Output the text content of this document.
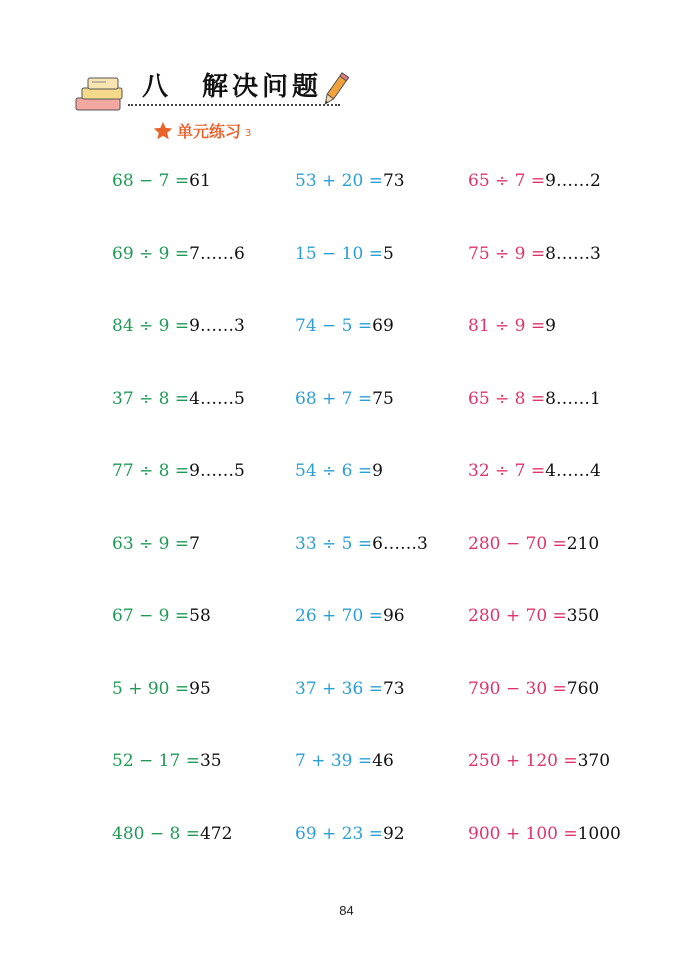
八 解决问题
单元练习 3
68 − 7 =61
69 ÷ 9 =7……6
84 ÷ 9 =9……3
37 ÷ 8 =4……5
77 ÷ 8 =9……5
63 ÷ 9 =7
67 − 9 =58
5 + 90 =95
52 − 17 =35
480 − 8 =472
53 + 20 =73
15 − 10 =5
74 − 5 =69
68 + 7 =75
54 ÷ 6 =9
33 ÷ 5 =6……3
26 + 70 =96
37 + 36 =73
7 + 39 =46
69 + 23 =92
65 ÷ 7 =9……2
75 ÷ 9 =8……3
81 ÷ 9 =9
65 ÷ 8 =8……1
32 ÷ 7 =4……4
280 − 70 =210
280 + 70 =350
790 − 30 =760
250 + 120 =370
900 + 100 =1000
84
